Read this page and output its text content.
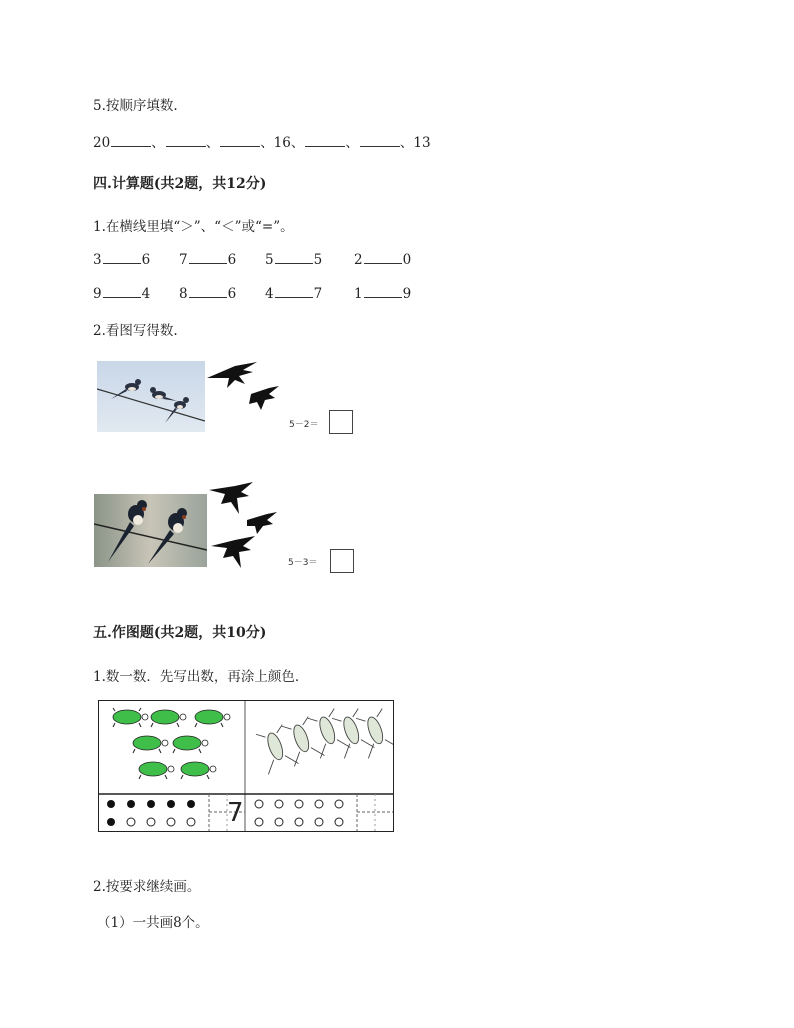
5.按顺序填数.
20	、	、	、16、	、	、13
四.计算题(共2题，共12分)
1.在横线里填“＞”、“＜”或“=”。
3	6 7	6 5	5 2	0
9	4 8	6 4	7 1	9
2.看图写得数.
5－2＝
5－3＝
五.作图题(共2题，共10分)
1.数一数．先写出数，再涂上颜色．
7
2.按要求继续画。
（1）一共画8个。
